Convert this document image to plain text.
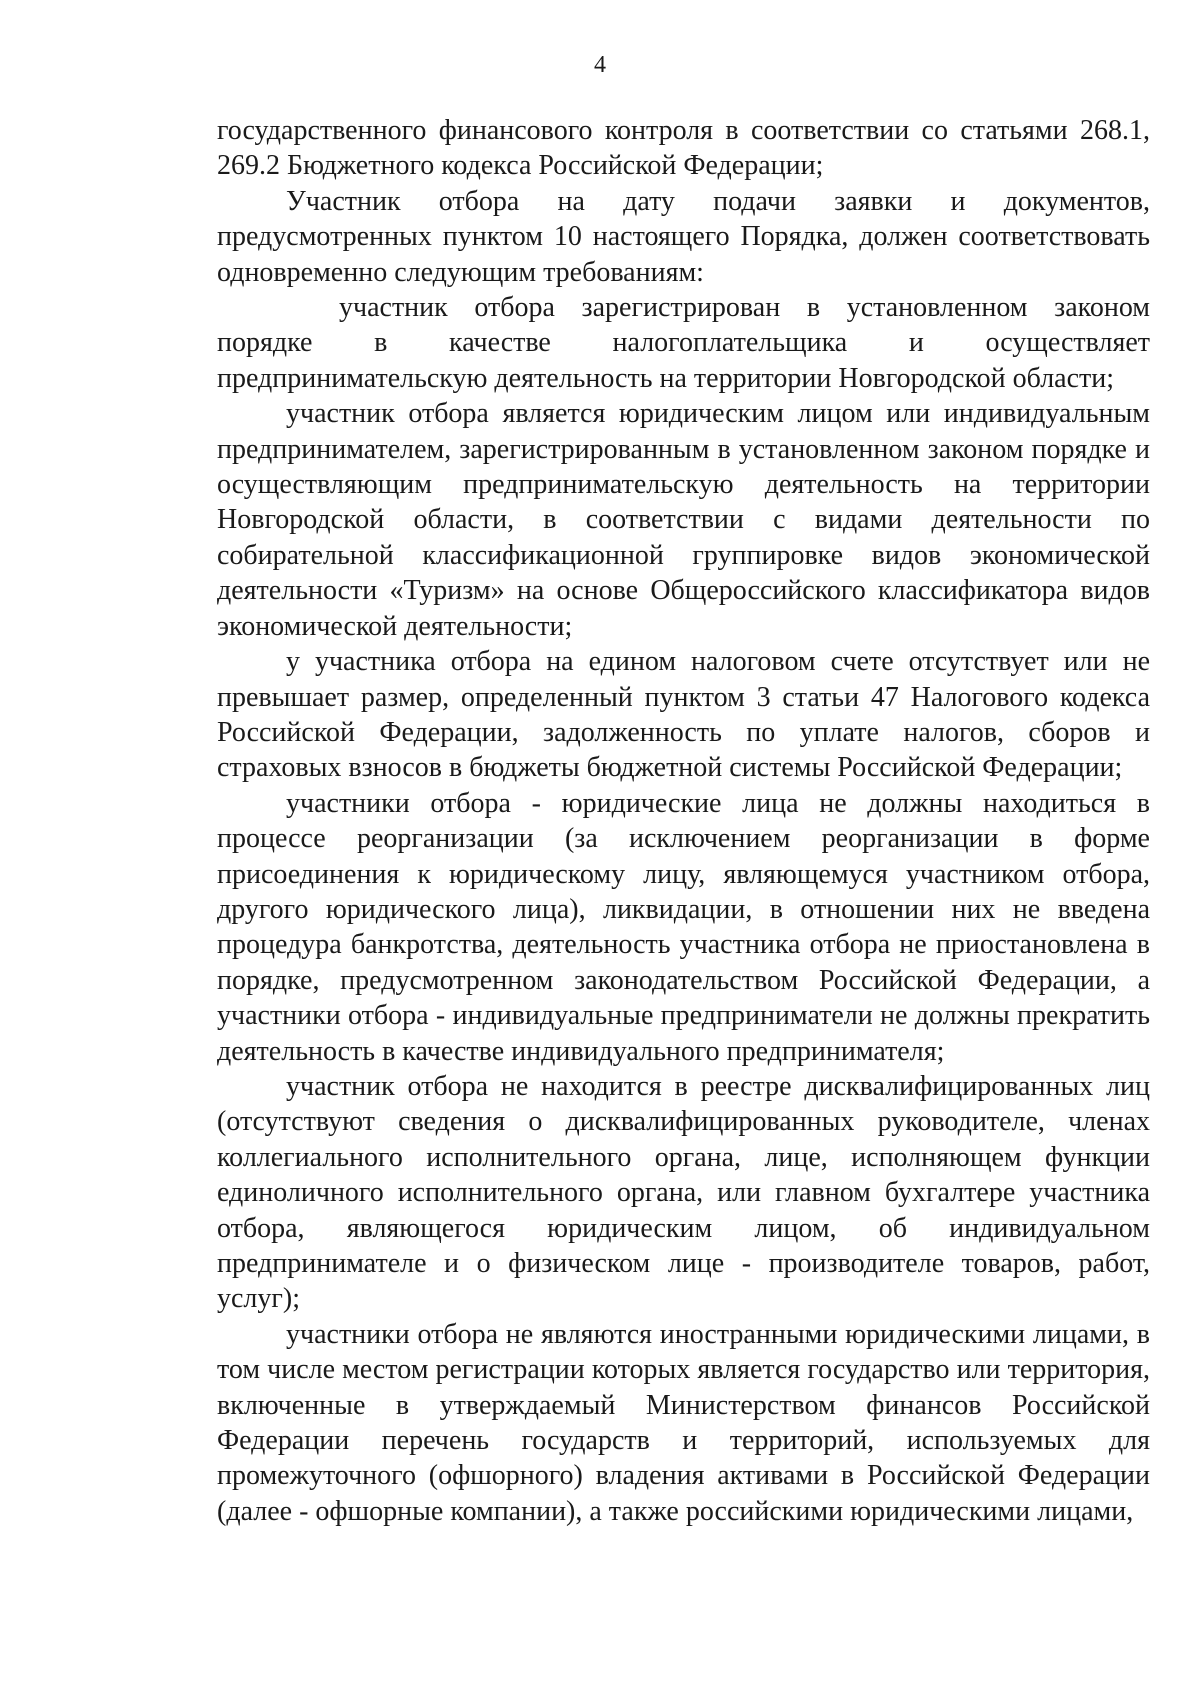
4

государственного финансового контроля в соответствии со статьями 268.1, 269.2 Бюджетного кодекса Российской Федерации;

Участник отбора на дату подачи заявки и документов, предусмотренных пунктом 10 настоящего Порядка, должен соответствовать одновременно следующим требованиям:

участник отбора зарегистрирован в установленном законом порядке в качестве налогоплательщика и осуществляет предпринимательскую деятельность на территории Новгородской области;

участник отбора является юридическим лицом или индивидуальным предпринимателем, зарегистрированным в установленном законом порядке и осуществляющим предпринимательскую деятельность на территории Новгородской области, в соответствии с видами деятельности по собирательной классификационной группировке видов экономической деятельности «Туризм» на основе Общероссийского классификатора видов экономической деятельности;

у участника отбора на едином налоговом счете отсутствует или не превышает размер, определенный пунктом 3 статьи 47 Налогового кодекса Российской Федерации, задолженность по уплате налогов, сборов и страховых взносов в бюджеты бюджетной системы Российской Федерации;

участники отбора - юридические лица не должны находиться в процессе реорганизации (за исключением реорганизации в форме присоединения к юридическому лицу, являющемуся участником отбора, другого юридического лица), ликвидации, в отношении них не введена процедура банкротства, деятельность участника отбора не приостановлена в порядке, предусмотренном законодательством Российской Федерации, а участники отбора - индивидуальные предприниматели не должны прекратить деятельность в качестве индивидуального предпринимателя;

участник отбора не находится в реестре дисквалифицированных лиц (отсутствуют сведения о дисквалифицированных руководителе, членах коллегиального исполнительного органа, лице, исполняющем функции единоличного исполнительного органа, или главном бухгалтере участника отбора, являющегося юридическим лицом, об индивидуальном предпринимателе и о физическом лице - производителе товаров, работ, услуг);

участники отбора не являются иностранными юридическими лицами, в том числе местом регистрации которых является государство или территория, включенные в утверждаемый Министерством финансов Российской Федерации перечень государств и территорий, используемых для промежуточного (офшорного) владения активами в Российской Федерации (далее - офшорные компании), а также российскими юридическими лицами,
